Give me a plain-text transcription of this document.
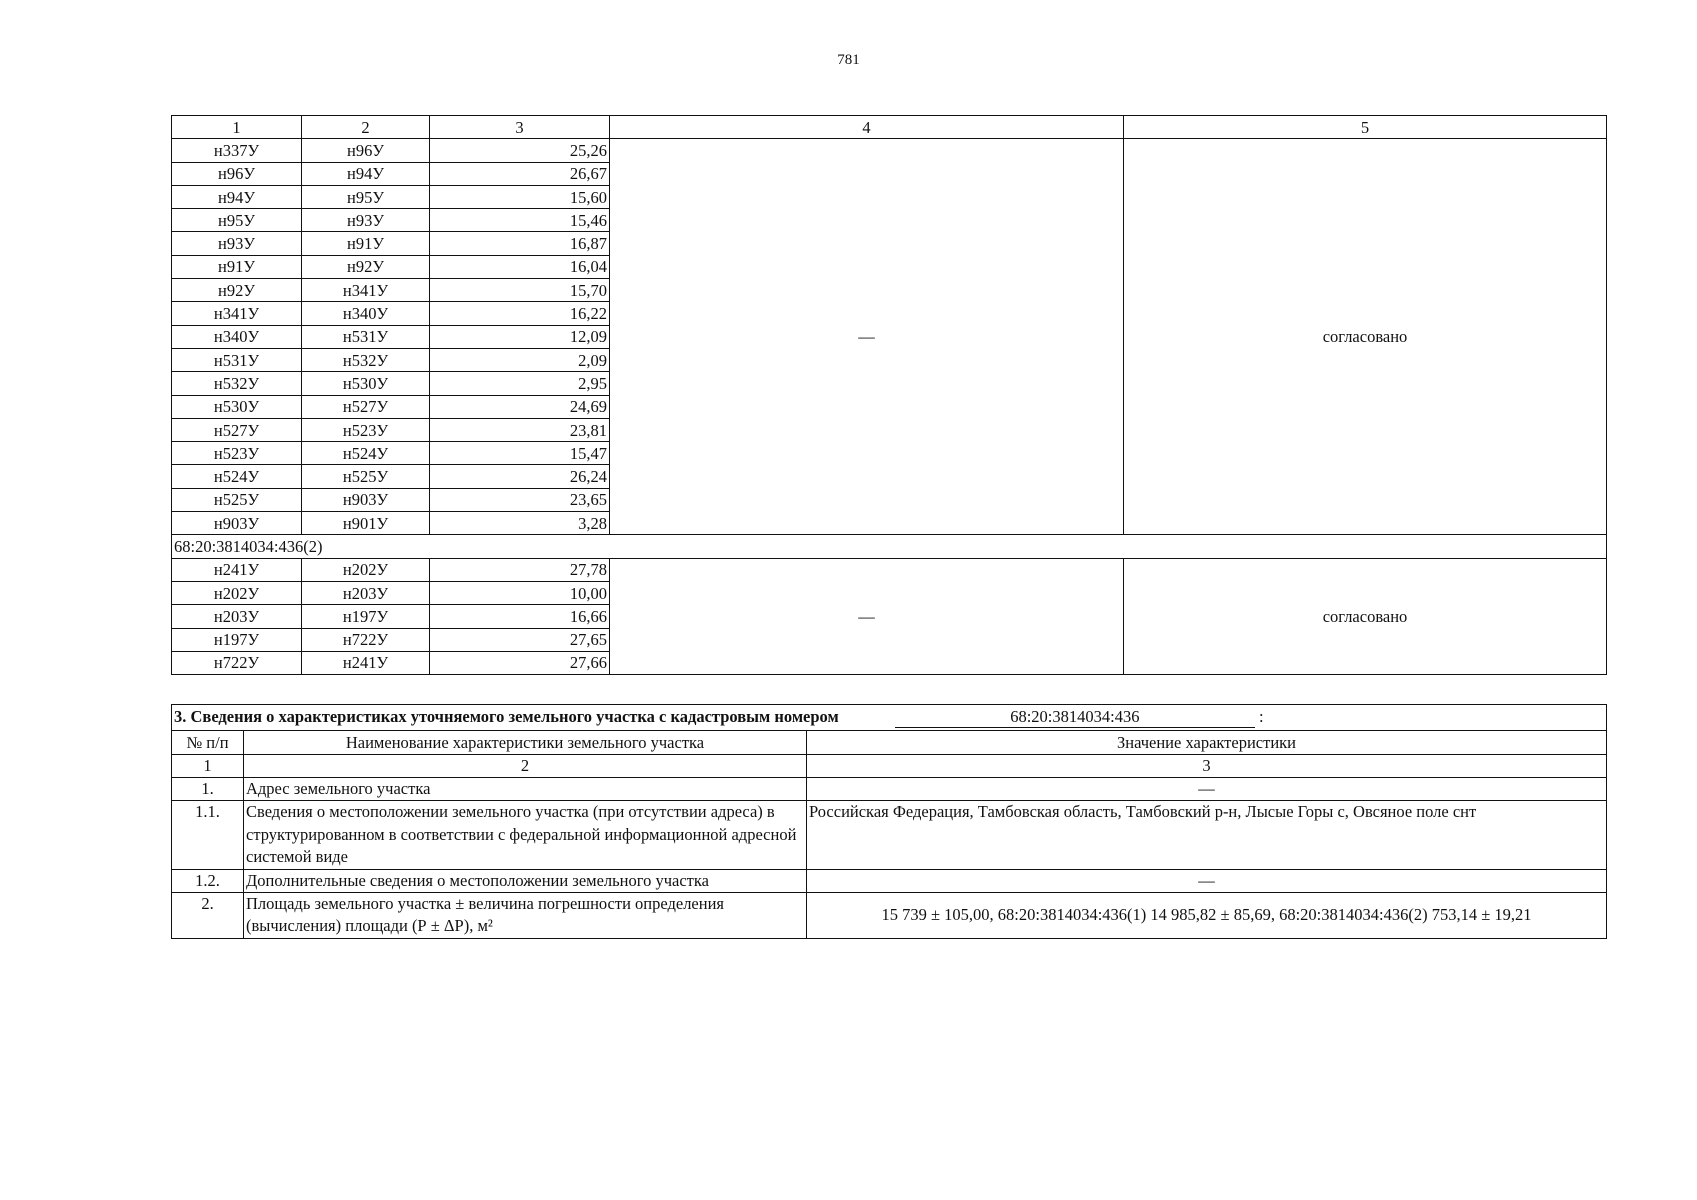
781
1	2	3	4	5
н337У	н96У	25,26	—	согласовано
н96У	н94У	26,67		
н94У	н95У	15,60		
н95У	н93У	15,46		
н93У	н91У	16,87		
н91У	н92У	16,04		
н92У	н341У	15,70		
н341У	н340У	16,22		
н340У	н531У	12,09		
н531У	н532У	2,09		
н532У	н530У	2,95		
н530У	н527У	24,69		
н527У	н523У	23,81		
н523У	н524У	15,47		
н524У	н525У	26,24		
н525У	н903У	23,65		
н903У	н901У	3,28		
68:20:3814034:436(2)				
н241У	н202У	27,78	—	согласовано
н202У	н203У	10,00		
н203У	н197У	16,66		
н197У	н722У	27,65		
н722У	н241У	27,66		
3. Сведения о характеристиках уточняемого земельного участка с кадастровым номером 68:20:3814034:436 :		
№ п/п	Наименование характеристики земельного участка	Значение характеристики
1	2	3
1.	Адрес земельного участка	—
1.1.	Сведения о местоположении земельного участка (при отсутствии адреса) в структурированном в соответствии с федеральной информационной адресной системой виде	Российская Федерация, Тамбовская область, Тамбовский р-н, Лысые Горы с, Овсяное поле снт
1.2.	Дополнительные сведения о местоположении земельного участка	—
2.	Площадь земельного участка ± величина погрешности определения (вычисления) площади (Р ± ΔР), м²	15 739 ± 105,00, 68:20:3814034:436(1) 14 985,82 ± 85,69, 68:20:3814034:436(2) 753,14 ± 19,21
